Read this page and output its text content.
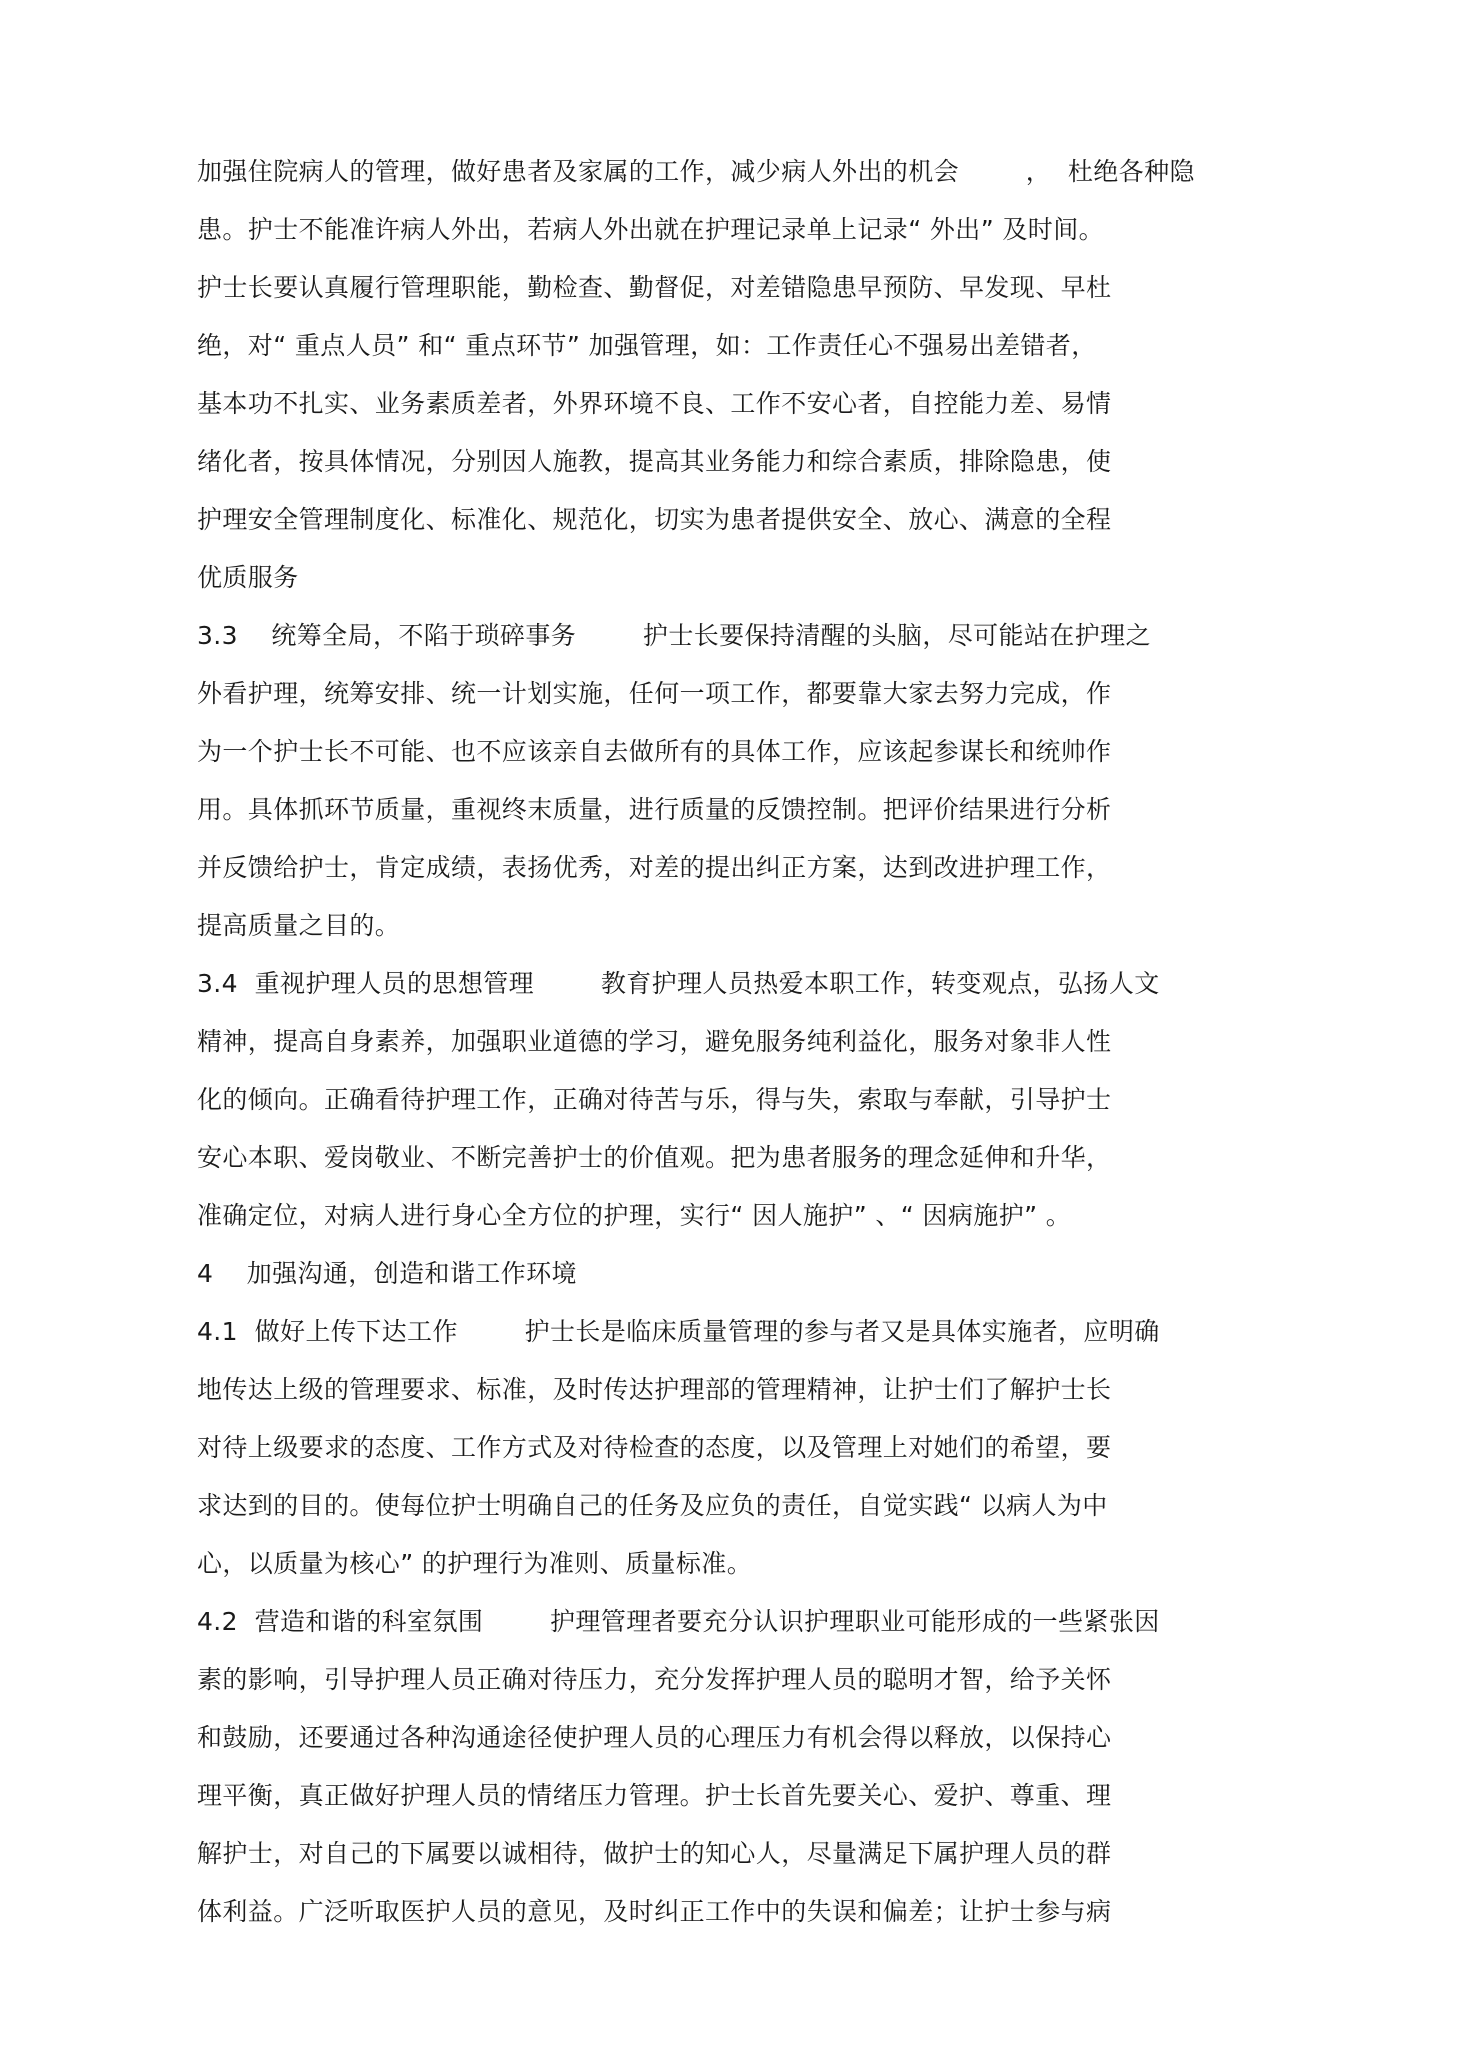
加强住院病人的管理，做好患者及家属的工作，减少病人外出的机会        ，  杜绝各种隐
患。护士不能准许病人外出，若病人外出就在护理记录单上记录“ 外出” 及时间。
护士长要认真履行管理职能，勤检查、勤督促，对差错隐患早预防、早发现、早杜
绝，对“ 重点人员” 和“ 重点环节” 加强管理，如：工作责任心不强易出差错者，
基本功不扎实、业务素质差者，外界环境不良、工作不安心者，自控能力差、易情
绪化者，按具体情况，分别因人施教，提高其业务能力和综合素质，排除隐患，使
护理安全管理制度化、标准化、规范化，切实为患者提供安全、放心、满意的全程
优质服务
3.3    统筹全局，不陷于琐碎事务        护士长要保持清醒的头脑，尽可能站在护理之
外看护理，统筹安排、统一计划实施，任何一项工作，都要靠大家去努力完成，作
为一个护士长不可能、也不应该亲自去做所有的具体工作，应该起参谋长和统帅作
用。具体抓环节质量，重视终末质量，进行质量的反馈控制。把评价结果进行分析
并反馈给护士，肯定成绩，表扬优秀，对差的提出纠正方案，达到改进护理工作，
提高质量之目的。
3.4  重视护理人员的思想管理        教育护理人员热爱本职工作，转变观点，弘扬人文
精神，提高自身素养，加强职业道德的学习，避免服务纯利益化，服务对象非人性
化的倾向。正确看待护理工作，正确对待苦与乐，得与失，索取与奉献，引导护士
安心本职、爱岗敬业、不断完善护士的价值观。把为患者服务的理念延伸和升华，
准确定位，对病人进行身心全方位的护理，实行“ 因人施护” 、“ 因病施护” 。
4    加强沟通，创造和谐工作环境
4.1  做好上传下达工作        护士长是临床质量管理的参与者又是具体实施者，应明确
地传达上级的管理要求、标准，及时传达护理部的管理精神，让护士们了解护士长
对待上级要求的态度、工作方式及对待检查的态度，以及管理上对她们的希望，要
求达到的目的。使每位护士明确自己的任务及应负的责任，自觉实践“ 以病人为中
心，以质量为核心” 的护理行为准则、质量标准。
4.2  营造和谐的科室氛围        护理管理者要充分认识护理职业可能形成的一些紧张因
素的影响，引导护理人员正确对待压力，充分发挥护理人员的聪明才智，给予关怀
和鼓励，还要通过各种沟通途径使护理人员的心理压力有机会得以释放，以保持心
理平衡，真正做好护理人员的情绪压力管理。护士长首先要关心、爱护、尊重、理
解护士，对自己的下属要以诚相待，做护士的知心人，尽量满足下属护理人员的群
体利益。广泛听取医护人员的意见，及时纠正工作中的失误和偏差；让护士参与病
